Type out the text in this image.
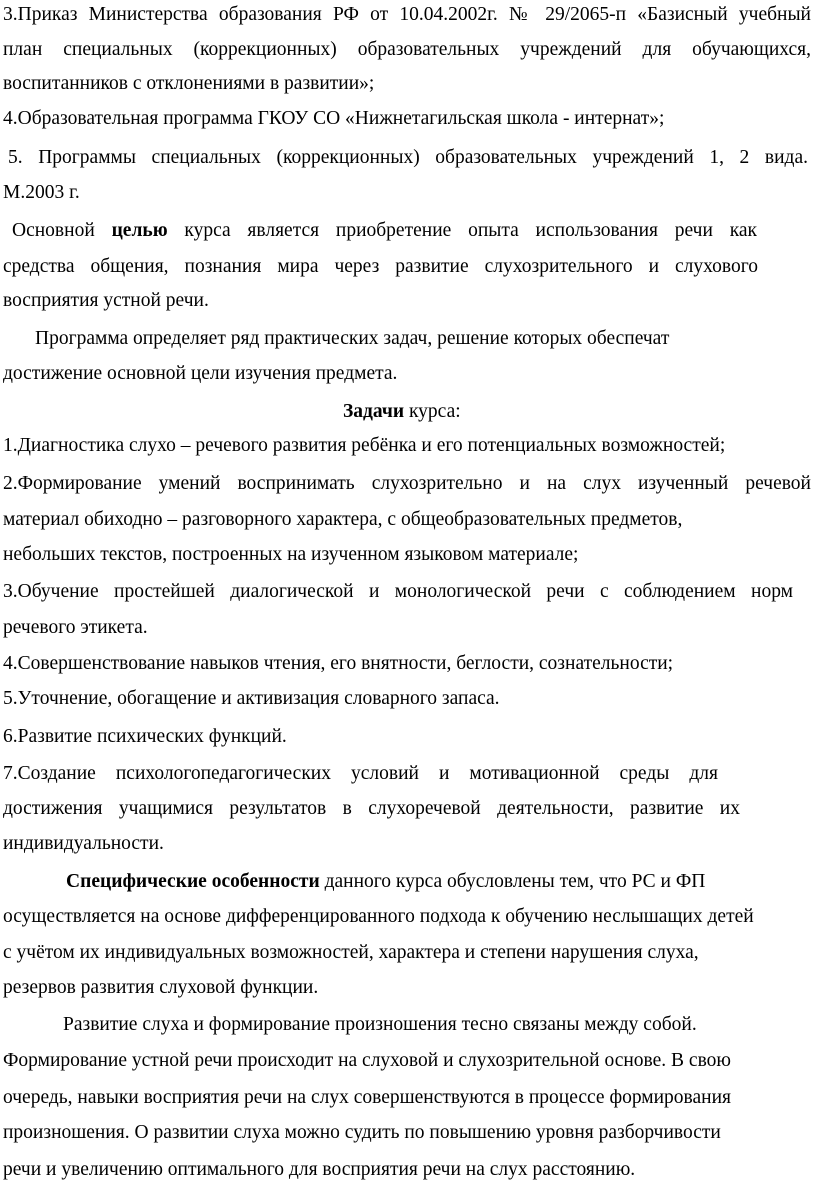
3.Приказ Министерства образования РФ от 10.04.2002г. № 29/2065-п «Базисный учебный
план специальных (коррекционных) образовательных учреждений для обучающихся,
воспитанников с отклонениями в развитии»;
4.Образовательная программа ГКОУ СО «Нижнетагильская школа - интернат»;
5. Программы специальных (коррекционных) образовательных учреждений 1, 2 вида.
М.2003 г.
Основной целью курса является приобретение опыта использования речи как
средства общения, познания мира через развитие слухозрительного и слухового
восприятия устной речи.
Программа определяет ряд практических задач, решение которых обеспечат
достижение основной цели изучения предмета.
Задачи курса:
1.Диагностика слухо – речевого развития ребёнка и его потенциальных возможностей;
2.Формирование умений воспринимать слухозрительно и на слух изученный речевой
материал обиходно – разговорного характера, с общеобразовательных предметов,
небольших текстов, построенных на изученном языковом материале;
3.Обучение простейшей диалогической и монологической речи с соблюдением норм
речевого этикета.
4.Совершенствование навыков чтения, его внятности, беглости, сознательности;
5.Уточнение, обогащение и активизация словарного запаса.
6.Развитие психических функций.
7.Создание психологопедагогических условий и мотивационной среды для
достижения учащимися результатов в слухоречевой деятельности, развитие их
индивидуальности.
Специфические особенности данного курса обусловлены тем, что РС и ФП
осуществляется на основе дифференцированного подхода к обучению неслышащих детей
с учётом их индивидуальных возможностей, характера и степени нарушения слуха,
резервов развития слуховой функции.
Развитие слуха и формирование произношения тесно связаны между собой.
Формирование устной речи происходит на слуховой и слухозрительной основе. В свою
очередь, навыки восприятия речи на слух совершенствуются в процессе формирования
произношения. О развитии слуха можно судить по повышению уровня разборчивости
речи и увеличению оптимального для восприятия речи на слух расстоянию.
